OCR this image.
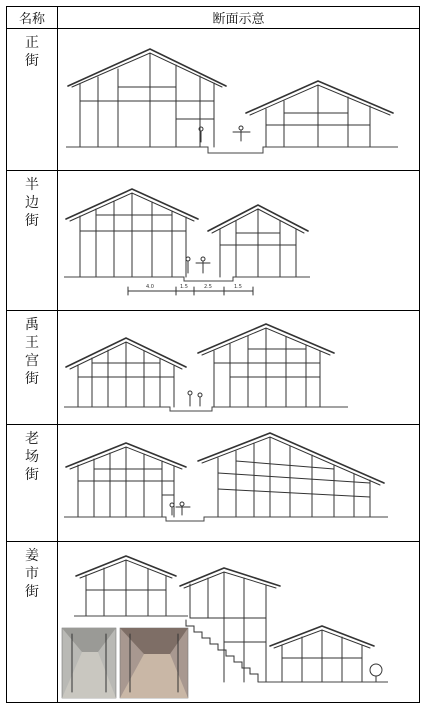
名称	断面示意

正街

半边街	4.0 1.5 2.5 1.5

禹王宫街

老场街

姜市街
